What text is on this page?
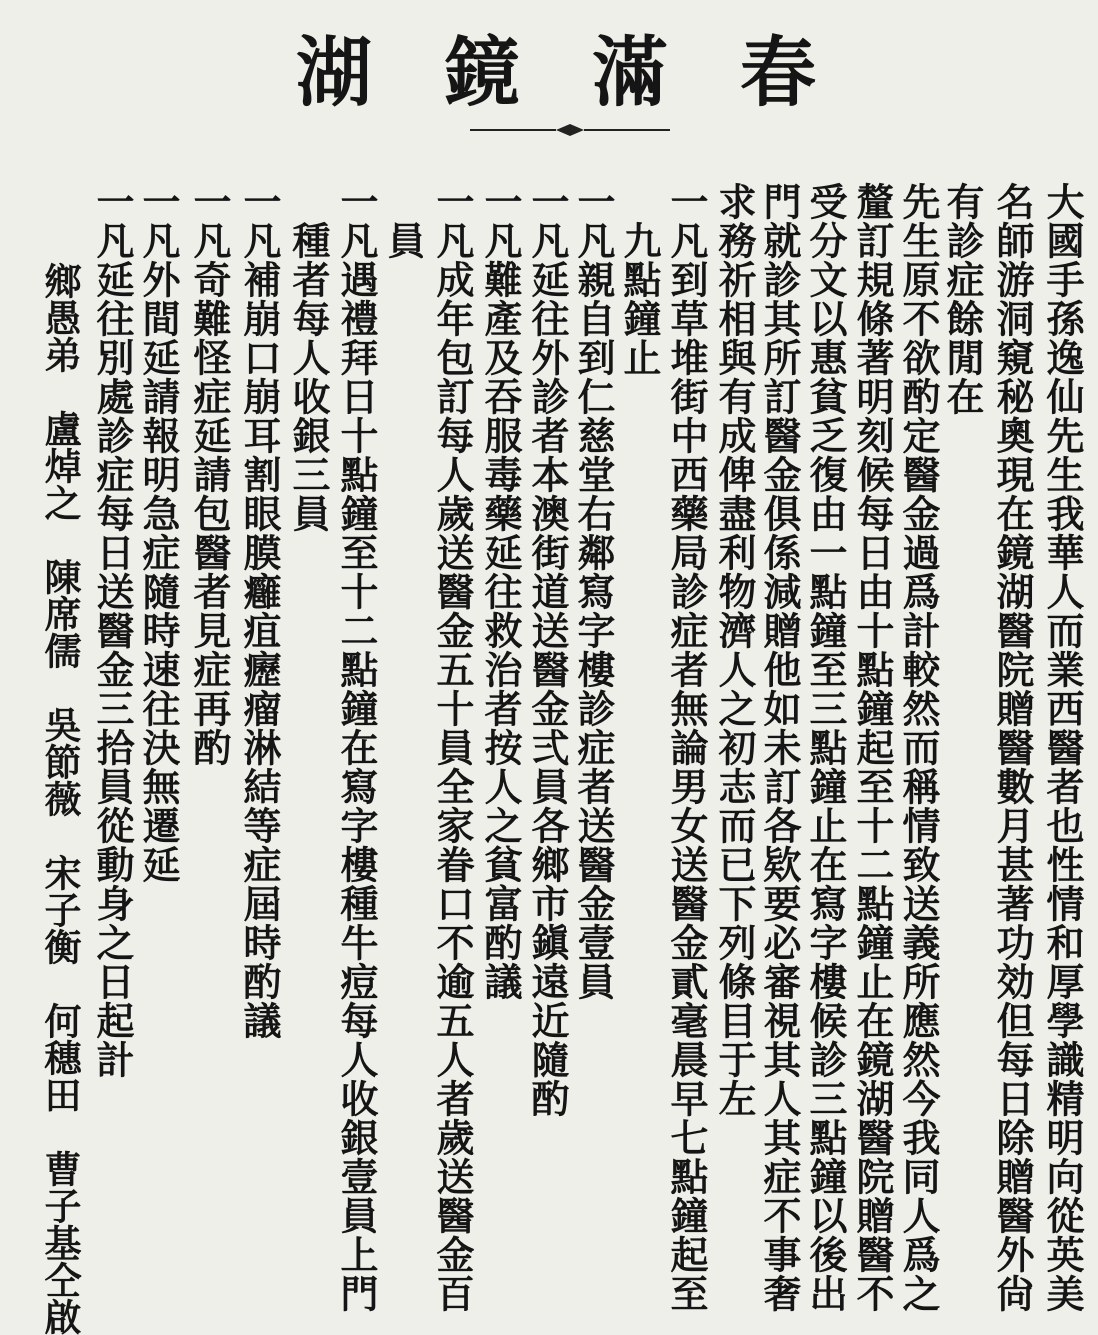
春
滿
鏡
湖
大國手孫逸仙先生我華人而業西醫者也性情和厚學識精明向從英美
名師游洞窺秘奧現在鏡湖醫院贈醫數月甚著功効但每日除贈醫外尙
有診症餘閒在
先生原不欲酌定醫金過爲計較然而稱情致送義所應然今我同人爲之
釐訂規條著明刻候每日由十點鐘起至十二點鐘止在鏡湖醫院贈醫不
受分文以惠貧乏復由一點鐘至三點鐘止在寫字樓候診三點鐘以後出
門就診其所訂醫金俱係減贈他如未訂各欵要必審視其人其症不事奢
求務祈相與有成俾盡利物濟人之初志而已下列條目于左
一凡到草堆街中西藥局診症者無論男女送醫金貳毫晨早七點鐘起至
　九點鐘止
一凡親自到仁慈堂右鄰寫字樓診症者送醫金壹員
一凡延往外診者本澳街道送醫金弍員各鄉市鎭遠近隨酌
一凡難產及吞服毒藥延往救治者按人之貧富酌議
一凡成年包訂每人歲送醫金五十員全家眷口不逾五人者歲送醫金百
　員
一凡遇禮拜日十點鐘至十二點鐘在寫字樓種牛痘每人收銀壹員上門
　種者每人收銀三員
一凡補崩口崩耳割眼膜癰疽癧瘤淋結等症屆時酌議
一凡奇難怪症延請包醫者見症再酌
一凡外間延請報明急症隨時速往決無遷延
一凡延往別處診症每日送醫金三拾員從動身之日起計
鄉愚弟　盧焯之　陳席儒　吳節薇　宋子衡　何穗田　曹子基仝啟
